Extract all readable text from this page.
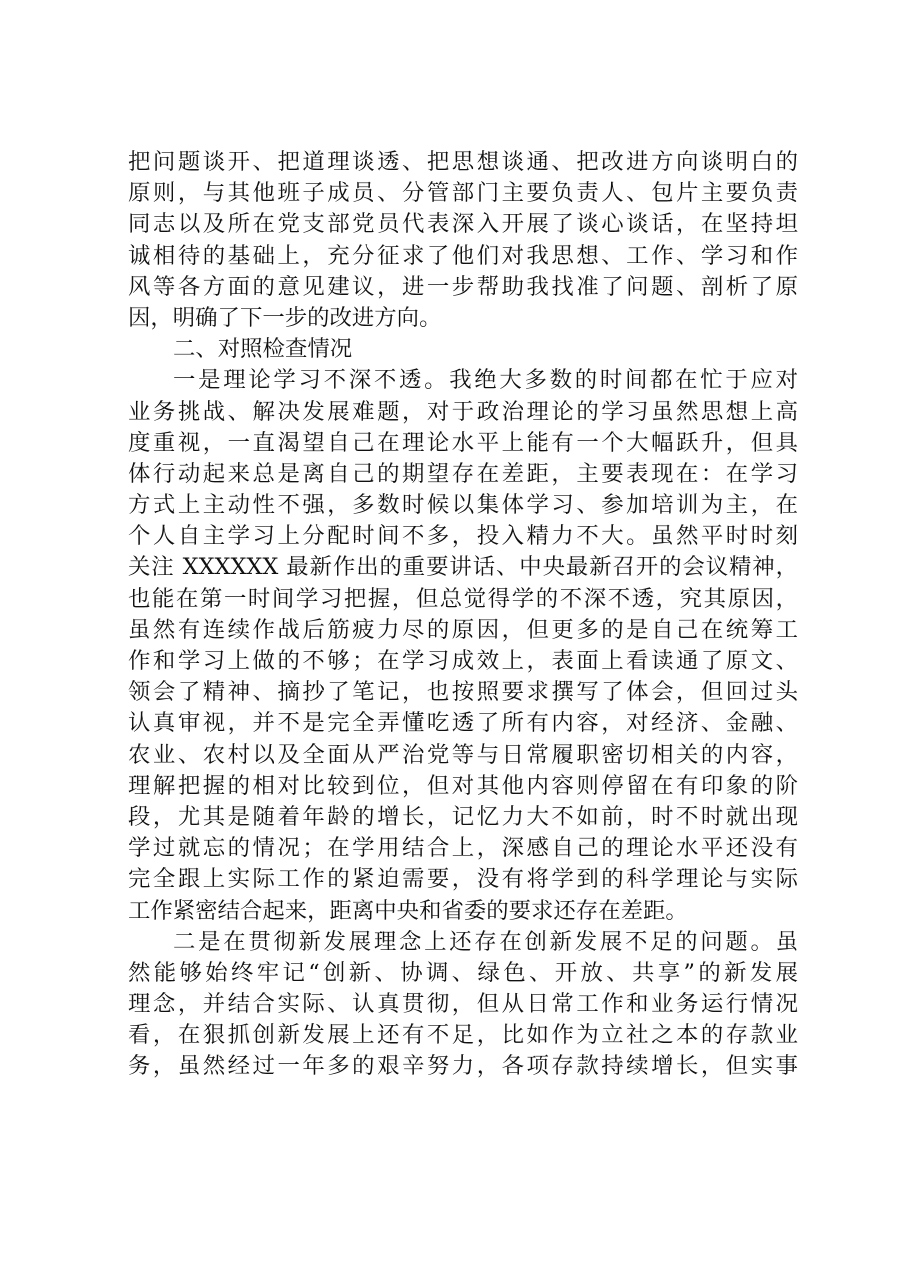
把问题谈开、把道理谈透、把思想谈通、把改进方向谈明白的
原则，与其他班子成员、分管部门主要负责人、包片主要负责
同志以及所在党支部党员代表深入开展了谈心谈话，在坚持坦
诚相待的基础上，充分征求了他们对我思想、工作、学习和作
风等各方面的意见建议，进一步帮助我找准了问题、剖析了原
因，明确了下一步的改进方向。
二、对照检查情况
一是理论学习不深不透。我绝大多数的时间都在忙于应对
业务挑战、解决发展难题，对于政治理论的学习虽然思想上高
度重视，一直渴望自己在理论水平上能有一个大幅跃升，但具
体行动起来总是离自己的期望存在差距，主要表现在：在学习
方式上主动性不强，多数时候以集体学习、参加培训为主，在
个人自主学习上分配时间不多，投入精力不大。虽然平时时刻
关注 XXXXXX 最新作出的重要讲话、中央最新召开的会议精神，
也能在第一时间学习把握，但总觉得学的不深不透，究其原因，
虽然有连续作战后筋疲力尽的原因，但更多的是自己在统筹工
作和学习上做的不够；在学习成效上，表面上看读通了原文、
领会了精神、摘抄了笔记，也按照要求撰写了体会，但回过头
认真审视，并不是完全弄懂吃透了所有内容，对经济、金融、
农业、农村以及全面从严治党等与日常履职密切相关的内容，
理解把握的相对比较到位，但对其他内容则停留在有印象的阶
段，尤其是随着年龄的增长，记忆力大不如前，时不时就出现
学过就忘的情况；在学用结合上，深感自己的理论水平还没有
完全跟上实际工作的紧迫需要，没有将学到的科学理论与实际
工作紧密结合起来，距离中央和省委的要求还存在差距。
二是在贯彻新发展理念上还存在创新发展不足的问题。虽
然能够始终牢记“创新、协调、绿色、开放、共享”的新发展
理念，并结合实际、认真贯彻，但从日常工作和业务运行情况
看，在狠抓创新发展上还有不足，比如作为立社之本的存款业
务，虽然经过一年多的艰辛努力，各项存款持续增长，但实事
